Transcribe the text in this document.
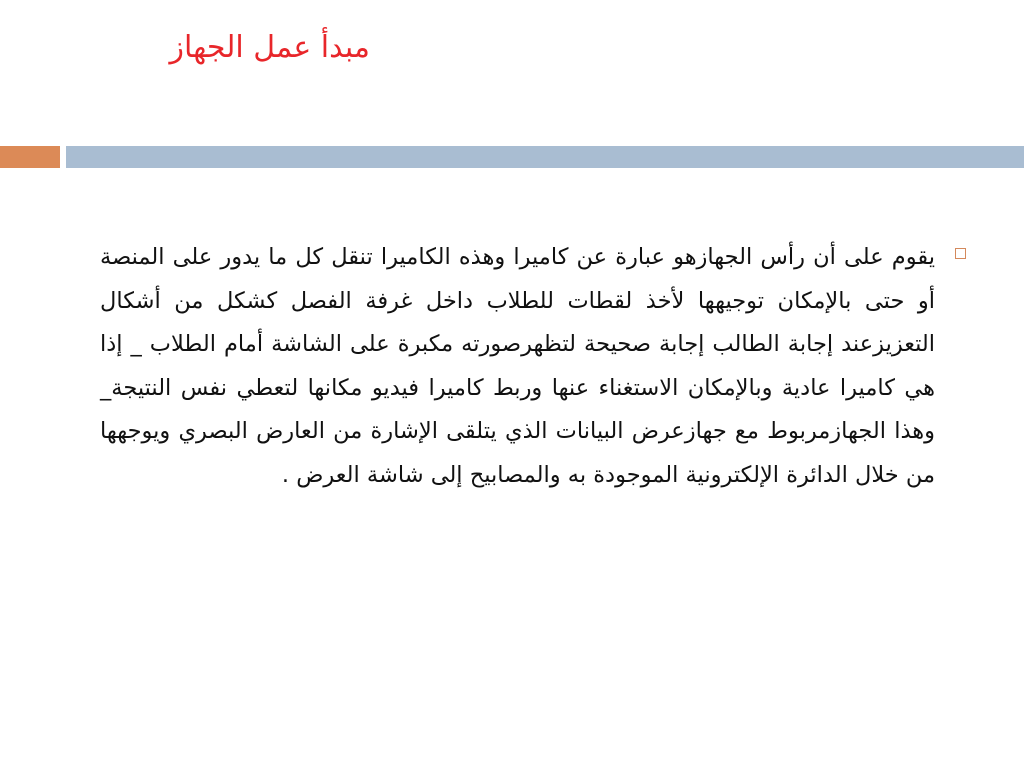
مبدأ عمل الجهاز
يقوم على أن رأس الجهازهو عبارة عن كاميرا وهذه الكاميرا تنقل كل ما يدور على المنصة أو حتى بالإمكان توجيهها لأخذ لقطات للطلاب داخل غرفة الفصل كشكل من أشكال التعزيزعند إجابة الطالب إجابة صحيحة لتظهرصورته مكبرة على الشاشة أمام الطلاب _ إذا هي كاميرا عادية وبالإمكان الاستغناء عنها وربط كاميرا فيديو مكانها لتعطي نفس النتيجة_ وهذا الجهازمربوط مع جهازعرض البيانات الذي يتلقى الإشارة من العارض البصري ويوجهها من خلال الدائرة الإلكترونية الموجودة به والمصابيح إلى شاشة العرض .
